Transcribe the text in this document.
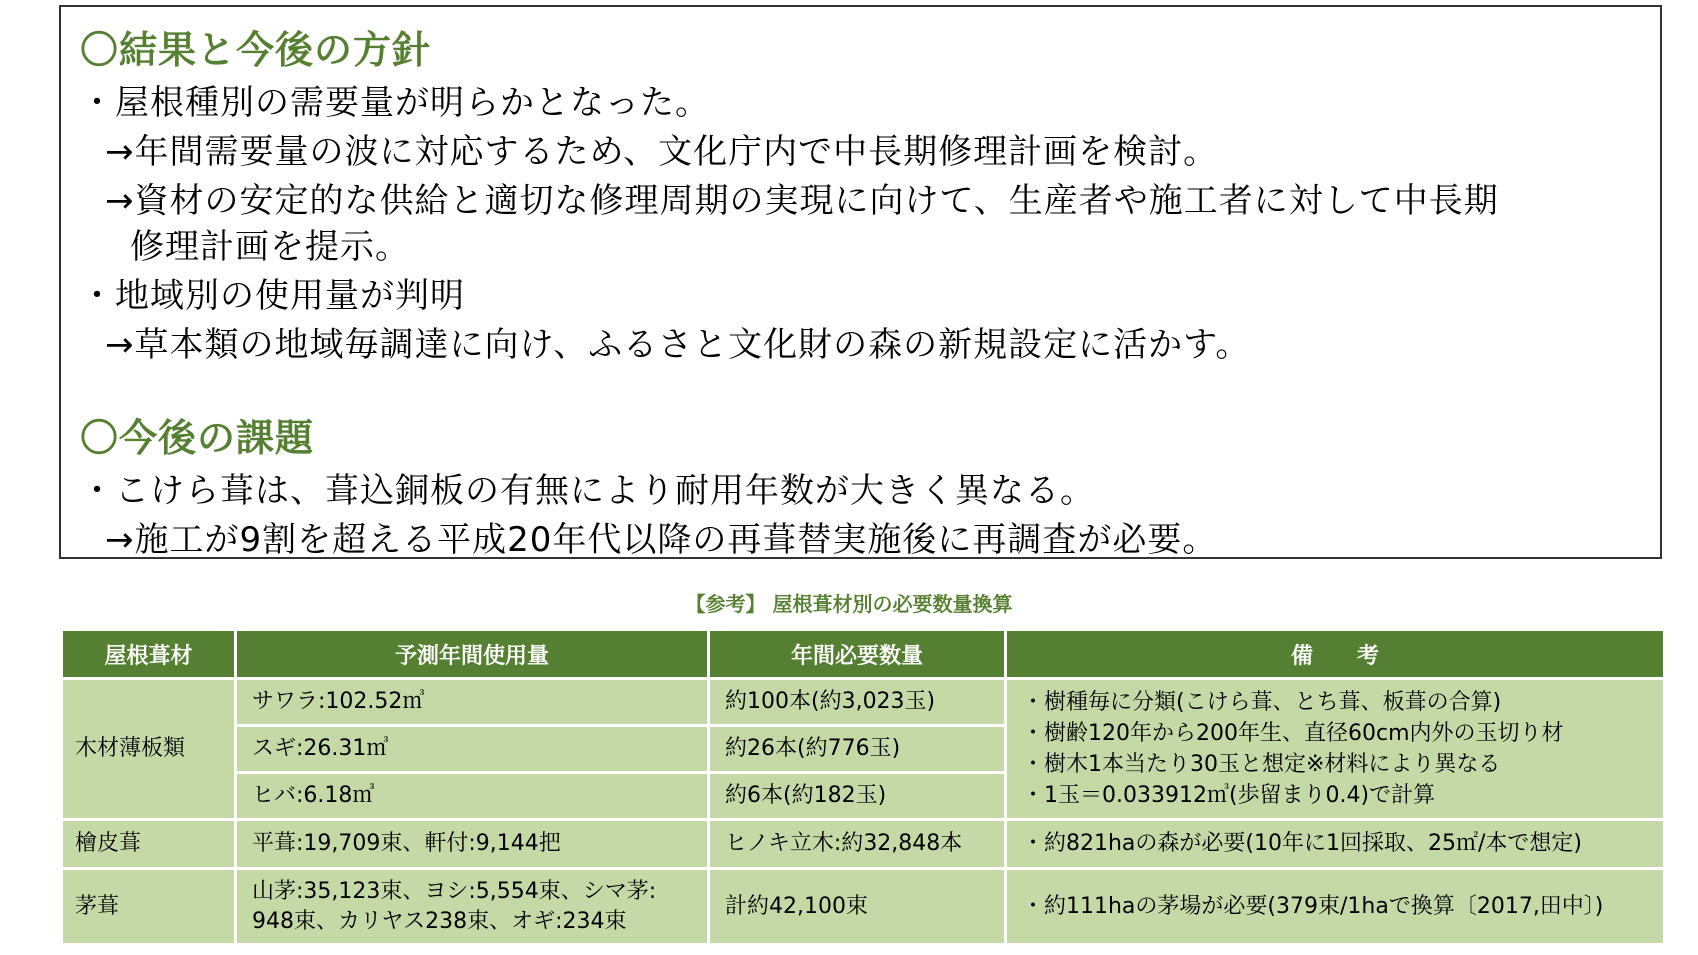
〇結果と今後の方針
・屋根種別の需要量が明らかとなった。
→年間需要量の波に対応するため、文化庁内で中長期修理計画を検討。
→資材の安定的な供給と適切な修理周期の実現に向けて、生産者や施工者に対して中長期
修理計画を提示。
・地域別の使用量が判明
→草本類の地域毎調達に向け、ふるさと文化財の森の新規設定に活かす。
〇今後の課題
・こけら葺は、葺込銅板の有無により耐用年数が大きく異なる。
→施工が9割を超える平成20年代以降の再葺替実施後に再調査が必要。
【参考】 屋根葺材別の必要数量換算
屋根葺材	予測年間使用量	年間必要数量	備　　考
木材薄板類	サワラ:102.52㎥	約100本(約3,023玉)	・樹種毎に分類(こけら葺、とち葺、板葺の合算)
・樹齢120年から200年生、直径60cm内外の玉切り材
・樹木1本当たり30玉と想定※材料により異なる
・1玉＝0.033912㎥(歩留まり0.4)で計算

	スギ:26.31㎥	約26本(約776玉)	
	ヒバ:6.18㎥	約6本(約182玉)	
檜皮葺	平葺:19,709束、軒付:9,144把	ヒノキ立木:約32,848本	・約821haの森が必要(10年に1回採取、25㎡/本で想定)
茅葺	山茅:35,123束、ヨシ:5,554束、シマ茅:
948束、カリヤス238束、オギ:234束	計約42,100束	・約111haの茅場が必要(379束/1haで換算〔2017,田中〕)
